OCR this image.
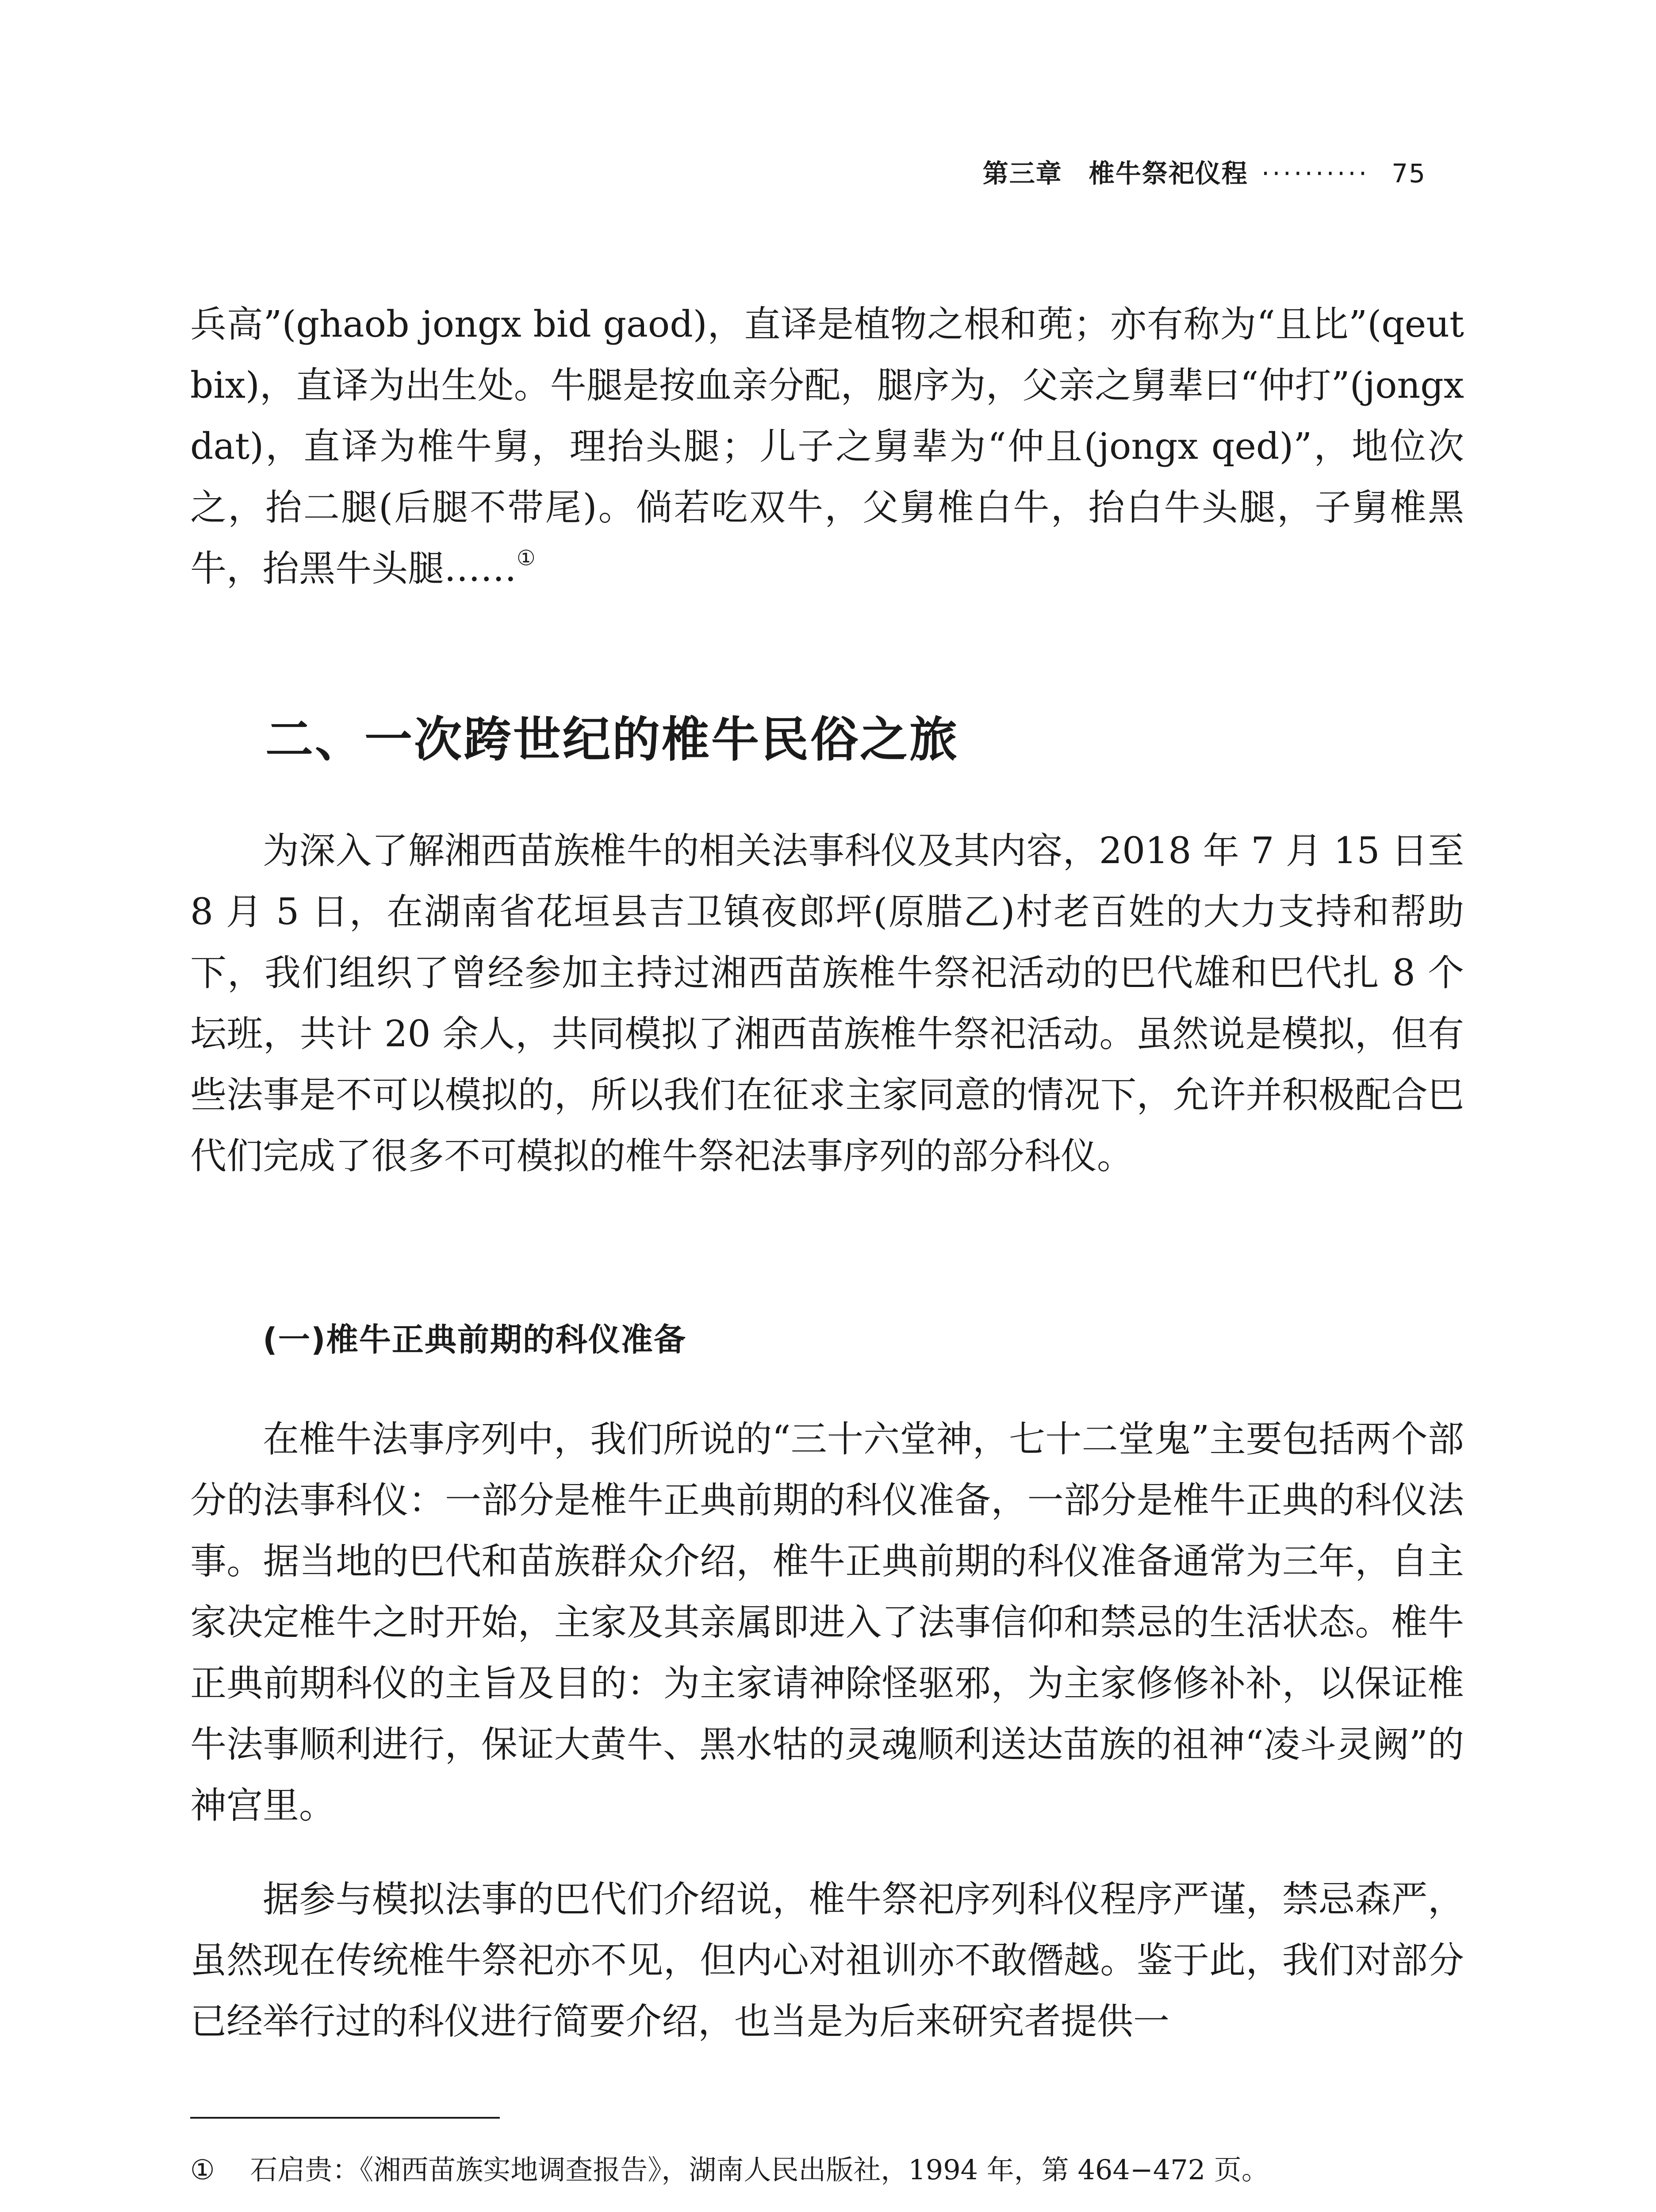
第三章 椎牛祭祀仪程 ·········· 75

兵高”(ghaob jongx bid gaod)，直译是植物之根和蔸；亦有称为“且比”(qeut bix)，直译为出生处。牛腿是按血亲分配，腿序为，父亲之舅辈曰“仲打”(jongx dat)，直译为椎牛舅，理抬头腿；儿子之舅辈为“仲且(jongx qed)”，地位次之，抬二腿(后腿不带尾)。倘若吃双牛，父舅椎白牛，抬白牛头腿，子舅椎黑牛，抬黑牛头腿……①

二、一次跨世纪的椎牛民俗之旅

为深入了解湘西苗族椎牛的相关法事科仪及其内容，2018 年 7 月 15 日至 8 月 5 日，在湖南省花垣县吉卫镇夜郎坪(原腊乙)村老百姓的大力支持和帮助下，我们组织了曾经参加主持过湘西苗族椎牛祭祀活动的巴代雄和巴代扎 8 个坛班，共计 20 余人，共同模拟了湘西苗族椎牛祭祀活动。虽然说是模拟，但有些法事是不可以模拟的，所以我们在征求主家同意的情况下，允许并积极配合巴代们完成了很多不可模拟的椎牛祭祀法事序列的部分科仪。

(一)椎牛正典前期的科仪准备

在椎牛法事序列中，我们所说的“三十六堂神，七十二堂鬼”主要包括两个部分的法事科仪：一部分是椎牛正典前期的科仪准备，一部分是椎牛正典的科仪法事。据当地的巴代和苗族群众介绍，椎牛正典前期的科仪准备通常为三年，自主家决定椎牛之时开始，主家及其亲属即进入了法事信仰和禁忌的生活状态。椎牛正典前期科仪的主旨及目的：为主家请神除怪驱邪，为主家修修补补，以保证椎牛法事顺利进行，保证大黄牛、黑水牯的灵魂顺利送达苗族的祖神“凌斗灵阙”的神宫里。

据参与模拟法事的巴代们介绍说，椎牛祭祀序列科仪程序严谨，禁忌森严，虽然现在传统椎牛祭祀亦不见，但内心对祖训亦不敢僭越。鉴于此，我们对部分已经举行过的科仪进行简要介绍，也当是为后来研究者提供一

① 石启贵：《湘西苗族实地调查报告》，湖南人民出版社，1994 年，第 464−472 页。
